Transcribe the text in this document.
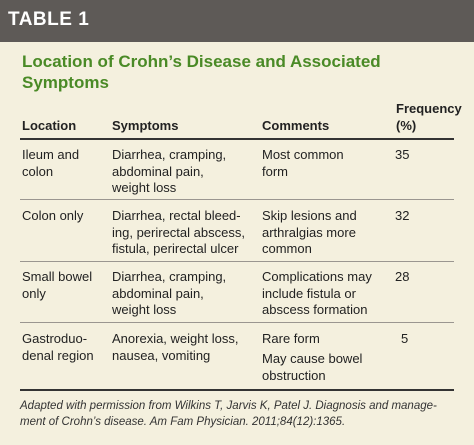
TABLE 1
Location of Crohn’s Disease and Associated Symptoms
Location	Symptoms	Comments
Frequency
(%)
Ileum and
colon
Diarrhea, cramping,
abdominal pain,
weight loss
Most common
form
35
Colon only Diarrhea, rectal bleed-
ing, perirectal abscess,
fistula, perirectal ulcer
Skip lesions and
arthralgias more
common
32
Small bowel
only
Diarrhea, cramping,
abdominal pain,
weight loss
Complications may
include fistula or
abscess formation
28
Gastroduo-
denal region
Anorexia, weight loss,
nausea, vomiting
Rare form
May cause bowel
obstruction
5
Adapted with permission from Wilkins T, Jarvis K, Patel J. Diagnosis and manage-
ment of Crohn’s disease. Am Fam Physician. 2011;84(12):1365.
